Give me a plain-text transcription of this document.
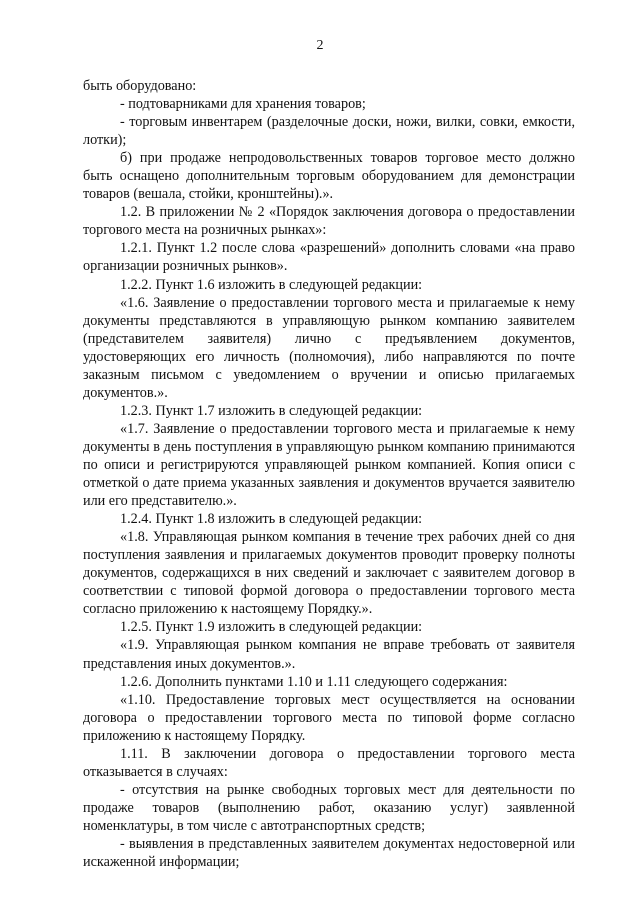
2

быть оборудовано:

- подтоварниками для хранения товаров;

- торговым инвентарем (разделочные доски, ножи, вилки, совки, емкости, лотки);

б) при продаже непродовольственных товаров торговое место должно быть оснащено дополнительным торговым оборудованием для демонстрации товаров (вешала, стойки, кронштейны).».

1.2. В приложении № 2 «Порядок заключения договора о предоставлении торгового места на розничных рынках»:

1.2.1. Пункт 1.2 после слова «разрешений» дополнить словами «на право организации розничных рынков».

1.2.2. Пункт 1.6 изложить в следующей редакции:

«1.6. Заявление о предоставлении торгового места и прилагаемые к нему документы представляются в управляющую рынком компанию заявителем (представителем заявителя) лично с предъявлением документов, удостоверяющих его личность (полномочия), либо направляются по почте заказным письмом с уведомлением о вручении и описью прилагаемых документов.».

1.2.3. Пункт 1.7 изложить в следующей редакции:

«1.7. Заявление о предоставлении торгового места и прилагаемые к нему документы в день поступления в управляющую рынком компанию принимаются по описи и регистрируются управляющей рынком компанией. Копия описи с отметкой о дате приема указанных заявления и документов вручается заявителю или его представителю.».

1.2.4. Пункт 1.8 изложить в следующей редакции:

«1.8. Управляющая рынком компания в течение трех рабочих дней со дня поступления заявления и прилагаемых документов проводит проверку полноты документов, содержащихся в них сведений и заключает с заявителем договор в соответствии с типовой формой договора о предоставлении торгового места согласно приложению к настоящему Порядку.».

1.2.5. Пункт 1.9 изложить в следующей редакции:

«1.9. Управляющая рынком компания не вправе требовать от заявителя представления иных документов.».

1.2.6. Дополнить пунктами 1.10 и 1.11 следующего содержания:

«1.10. Предоставление торговых мест осуществляется на основании договора о предоставлении торгового места по типовой форме согласно приложению к настоящему Порядку.

1.11. В заключении договора о предоставлении торгового места отказывается в случаях:

- отсутствия на рынке свободных торговых мест для деятельности по продаже товаров (выполнению работ, оказанию услуг) заявленной номенклатуры, в том числе с автотранспортных средств;

- выявления в представленных заявителем документах недостоверной или искаженной информации;
